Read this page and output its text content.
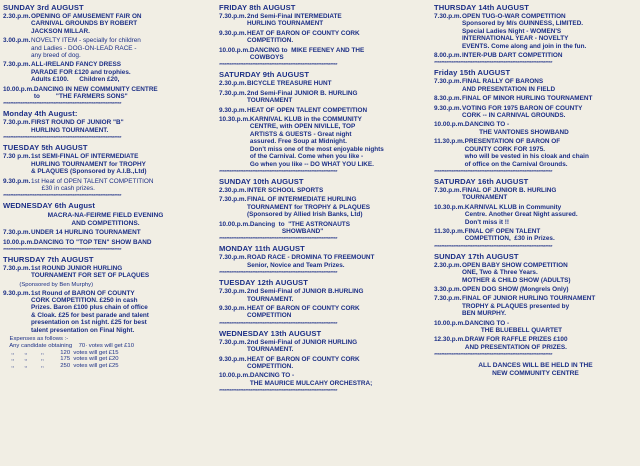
SUNDAY 3rd AUGUST
2.30.p.m. OPENING OF AMUSEMENT FAIR ON
CARNIVAL GROUNDS BY ROBERT
JACKSON MILLAR.
3.00.p.m. NOVELTY ITEM - specially for children
and Ladies - DOG-ON-LEAD RACE -
any breed of dog.
7.30.p.m. ALL-IRELAND FANCY DRESS
PARADE FOR £120 and trophies.
Adults £100.      Children £20,
10.00.p.m. DANCING IN NEW COMMUNITY CENTRE
to         "THE FARMERS SONS"
********************************************************************
Monday 4th August:
7.30.p.m. FIRST ROUND OF JUNIOR "B"
HURLING TOURNAMENT.
********************************************************************
TUESDAY 5th AUGUST
7.30 p.m. 1st SEMI-FINAL OF INTERMEDIATE
HURLING TOURNAMENT for TROPHY
& PLAQUES (Sponsored by A.I.B.,Ltd)
9.30.p.m. 1st Heat of OPEN TALENT COMPETITION
£30 in cash prizes.
********************************************************************
WEDNESDAY 6th August
MACRA-NA-FEIRME FIELD EVENING
AND COMPETITIONS.
7.30.p.m. UNDER 14 HURLING TOURNAMENT
10.00.p.m. DANCING TO "TOP TEN" SHOW BAND
********************************************************************
THURSDAY 7th AUGUST
7.30.p.m. 1st ROUND JUNIOR HURLING
TOURNAMENT FOR SET OF PLAQUES
(Sponsored by Ben Murphy)
9.30.p.m. 1st Round of BARON OF COUNTY
CORK COMPETITION. £250 in cash
Prizes. Baron £100 plus chain of office
& Cloak. £25 for best parade and talent
presentation on 1st night. £25 for best
talent presentation on Final Night.
Expenses as follows :-
Any candidate obtaining    70· votes will get £10
,,      ,,        ,,          120  votes will get £15
,,      ,,        ,,          175  votes will get £20
,,      ,,        ,,          250  votes will get £25
FRIDAY 8th AUGUST
7.30.p.m. 2nd Semi-Final INTERMEDIATE
HURLING TOURNAMENT
9.30.p.m. HEAT OF BARON OF COUNTY CORK
COMPETITION.
10.00.p.m. DANCING to  MIKE FEENEY AND THE
COWBOYS
********************************************************************
SATURDAY 9th AUGUST
2.30.p.m. BICYCLE TREASURE HUNT
7.30.p.m. 2nd Semi-Final JUNIOR B. HURLING
TOURNAMENT
9.30.p.m. HEAT OF OPEN TALENT COMPETITION
10.30.p.m. KARNIVAL KLUB in the COMMUNITY
CENTRE, with OPEN NIVILLE, TOP
ARTISTS & GUESTS - Great night
assured. Free Soup at Midnight.
Don't miss one of the most enjoyable nights
of the Carnival. Come when you like -
Go when you like -- DO WHAT YOU LIKE.
********************************************************************
SUNDAY 10th AUGUST
2.30.p.m. INTER SCHOOL SPORTS
7.30.p.m. FINAL OF INTERMEDIATE HURLING
TOURNAMENT for TROPHY & PLAQUES
(Sponsored by Allied Irish Banks, Ltd)
10.00.p.m. Dancing  to  "THE ASTRONAUTS
SHOWBAND"
********************************************************************
MONDAY 11th AUGUST
7.30.p.m. ROAD RACE - DROMINA TO FREEMOUNT
Senior, Novice and Team Prizes.
********************************************************************
TUESDAY 12th AUGUST
7.30.p.m. 2nd Semi-Final of JUNIOR B.HURLING
TOURNAMENT.
9.30.p.m. HEAT OF BARON OF COUNTY CORK
COMPETITION
********************************************************************
WEDNESDAY 13th AUGUST
7.30.p.m. 2nd Semi-Final of JUNIOR HURLING
TOURNAMENT.
9.30.p.m. HEAT OF BARON OF COUNTY CORK
COMPETITION.
10.00.p.m. DANCING TO -
THE MAURICE MULCAHY ORCHESTRA;
********************************************************************
THURSDAY 14th AUGUST
7.30.p.m. OPEN TUG-O-WAR COMPETITION
Sponsored by M/s GUINNESS, LIMITED.
Special Ladies Night - WOMEN'S
INTERNATIONAL YEAR - NOVELTY
EVENTS. Come along and join in the fun.
8.00.p.m. INTER-PUB DART COMPETITION
********************************************************************
Friday 15th AUGUST
7.30.p.m. FINAL RALLY OF BARONS
AND PRESENTATION IN FIELD
8.30.p.m. FINAL OF MINOR HURLING TOURNAMENT
9.30.p.m. VOTING FOR 1975 BARON OF COUNTY
CORK -- IN CARNIVAL GROUNDS.
10.00.p.m. DANCING TO -
THE VANTONES SHOWBAND
11.30.p.m. PRESENTATION OF BARON OF
COUNTY CORK FOR 1975.
who will be vested in his cloak and chain
of office on the Carnival Grounds.
********************************************************************
SATURDAY 16th AUGUST
7.30.p.m. FINAL OF JUNIOR B. HURLING
TOURNAMENT
10.30.p.m. KARNIVAL KLUB in Community
Centre. Another Great Night assured.
Don't miss it !!
11.30.p.m. FINAL OF OPEN TALENT
COMPETITION,  £30 in Prizes.
********************************************************************
SUNDAY 17th AUGUST
2.30.p.m. OPEN BABY SHOW COMPETITION
ONE, Two & Three Years.
MOTHER & CHILD SHOW (ADULTS)
3.30.p.m. OPEN DOG SHOW (Mongrels Only)
7.30.p.m. FINAL OF JUNIOR HURLING TOURNAMENT
TROPHY & PLAQUES presented by
BEN MURPHY.
10.00.p.m. DANCING TO -
THE BLUEBELL QUARTET
12.30.p.m. DRAW FOR RAFFLE PRIZES £100
AND PRESENTATION OF PRIZES.
********************************************************************
ALL DANCES WILL BE HELD IN THE
NEW COMMUNITY CENTRE
